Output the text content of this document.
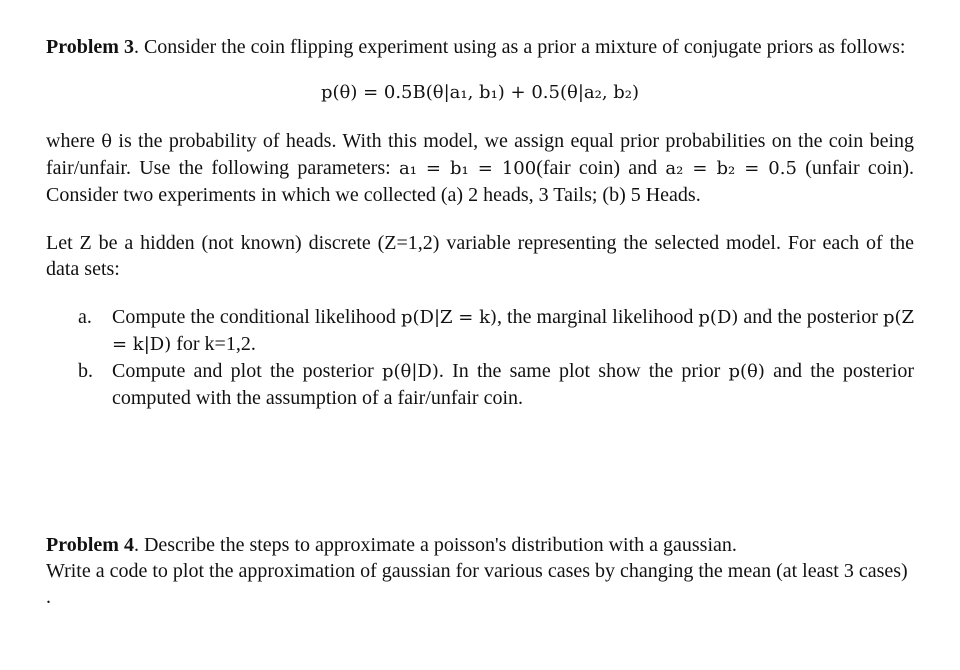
Problem 3. Consider the coin flipping experiment using as a prior a mixture of conjugate priors as follows:

p(θ) = 0.5B(θ|a₁, b₁) + 0.5(θ|a₂, b₂)

where θ is the probability of heads. With this model, we assign equal prior probabilities on the coin being fair/unfair. Use the following parameters: a₁ = b₁ = 100(fair coin) and a₂ = b₂ = 0.5 (unfair coin). Consider two experiments in which we collected (a) 2 heads, 3 Tails; (b) 5 Heads.

Let Z be a hidden (not known) discrete (Z=1,2) variable representing the selected model. For each of the data sets:

a. Compute the conditional likelihood p(D|Z = k), the marginal likelihood p(D) and the posterior p(Z = k|D) for k=1,2.
b. Compute and plot the posterior p(θ|D). In the same plot show the prior p(θ) and the posterior computed with the assumption of a fair/unfair coin.
Problem 4. Describe the steps to approximate a poisson's distribution with a gaussian.
Write a code to plot the approximation of gaussian for various cases by changing the mean (at least 3 cases) .
